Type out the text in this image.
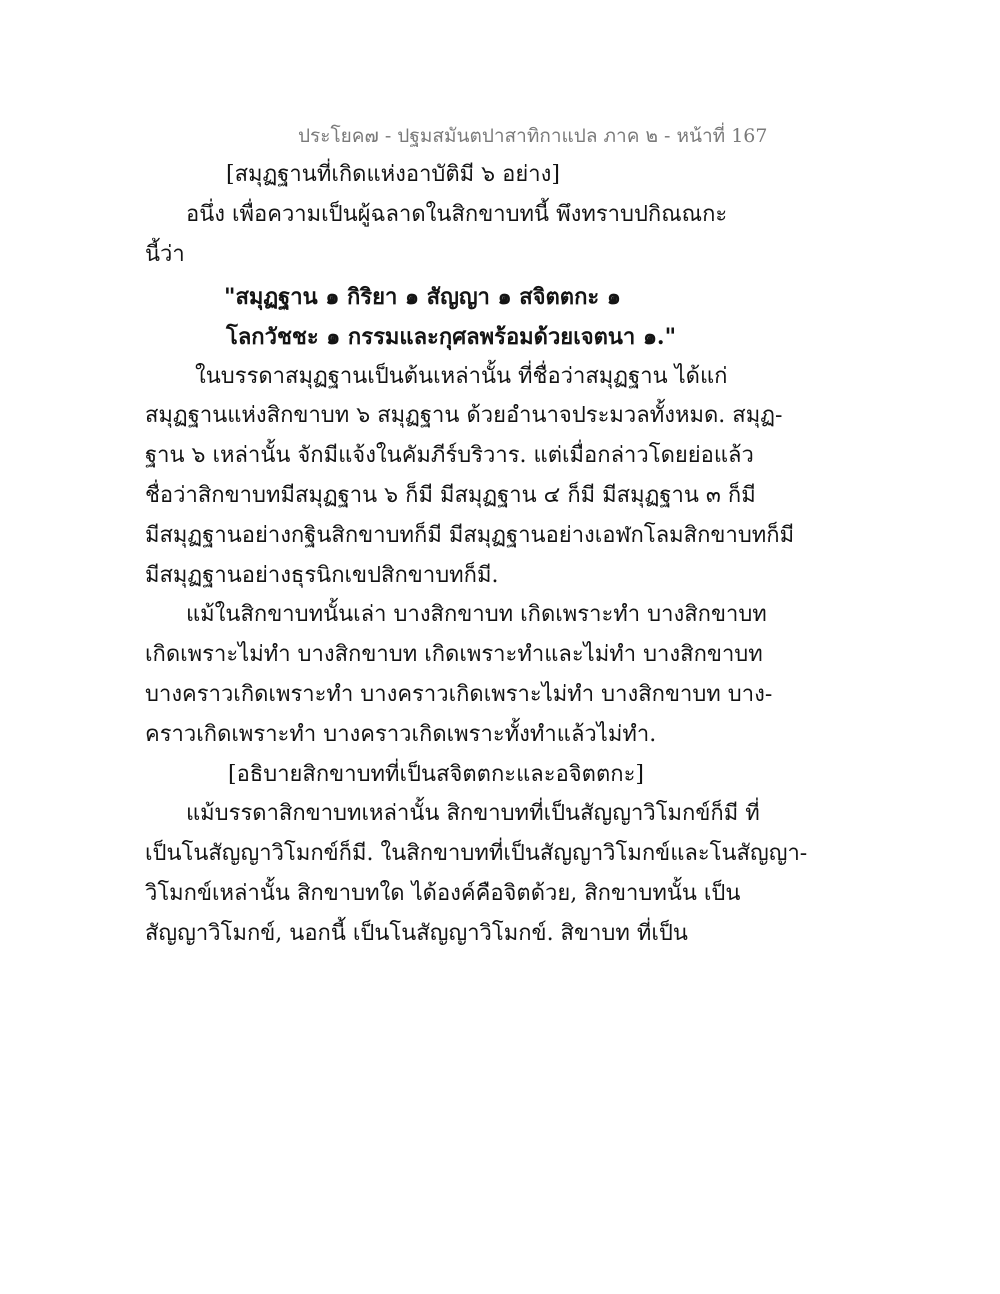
ประโยค๗ - ปฐมสมันตปาสาทิกาแปล ภาค ๒ - หน้าที่ 167
[สมุฏฐานที่เกิดแห่งอาบัติมี ๖ อย่าง]
อนึ่ง เพื่อความเป็นผู้ฉลาดในสิกขาบทนี้ พึงทราบปกิณณกะ
นี้ว่า
"สมุฏฐาน ๑ กิริยา ๑ สัญญา ๑ สจิตตกะ ๑
โลกวัชชะ ๑ กรรมและกุศลพร้อมด้วยเจตนา ๑."
ในบรรดาสมุฏฐานเป็นต้นเหล่านั้น ที่ชื่อว่าสมุฏฐาน ได้แก่
สมุฏฐานแห่งสิกขาบท ๖ สมุฏฐาน ด้วยอำนาจประมวลทั้งหมด. สมุฏ-
ฐาน ๖ เหล่านั้น จักมีแจ้งในคัมภีร์บริวาร. แต่เมื่อกล่าวโดยย่อแล้ว
ชื่อว่าสิกขาบทมีสมุฏฐาน ๖ ก็มี มีสมุฏฐาน ๔ ก็มี มีสมุฏฐาน ๓ ก็มี
มีสมุฏฐานอย่างกฐินสิกขาบทก็มี มีสมุฏฐานอย่างเอฬกโลมสิกขาบทก็มี
มีสมุฏฐานอย่างธุรนิกเขปสิกขาบทก็มี.
แม้ในสิกขาบทนั้นเล่า บางสิกขาบท เกิดเพราะทำ บางสิกขาบท
เกิดเพราะไม่ทำ บางสิกขาบท เกิดเพราะทำและไม่ทำ บางสิกขาบท
บางคราวเกิดเพราะทำ บางคราวเกิดเพราะไม่ทำ บางสิกขาบท บาง-
คราวเกิดเพราะทำ บางคราวเกิดเพราะทั้งทำแล้วไม่ทำ.
[อธิบายสิกขาบทที่เป็นสจิตตกะและอจิตตกะ]
แม้บรรดาสิกขาบทเหล่านั้น สิกขาบทที่เป็นสัญญาวิโมกข์ก็มี ที่
เป็นโนสัญญาวิโมกข์ก็มี. ในสิกขาบทที่เป็นสัญญาวิโมกข์และโนสัญญา-
วิโมกข์เหล่านั้น สิกขาบทใด ได้องค์คือจิตด้วย, สิกขาบทนั้น เป็น
สัญญาวิโมกข์, นอกนี้ เป็นโนสัญญาวิโมกข์. สิขาบท ที่เป็น
